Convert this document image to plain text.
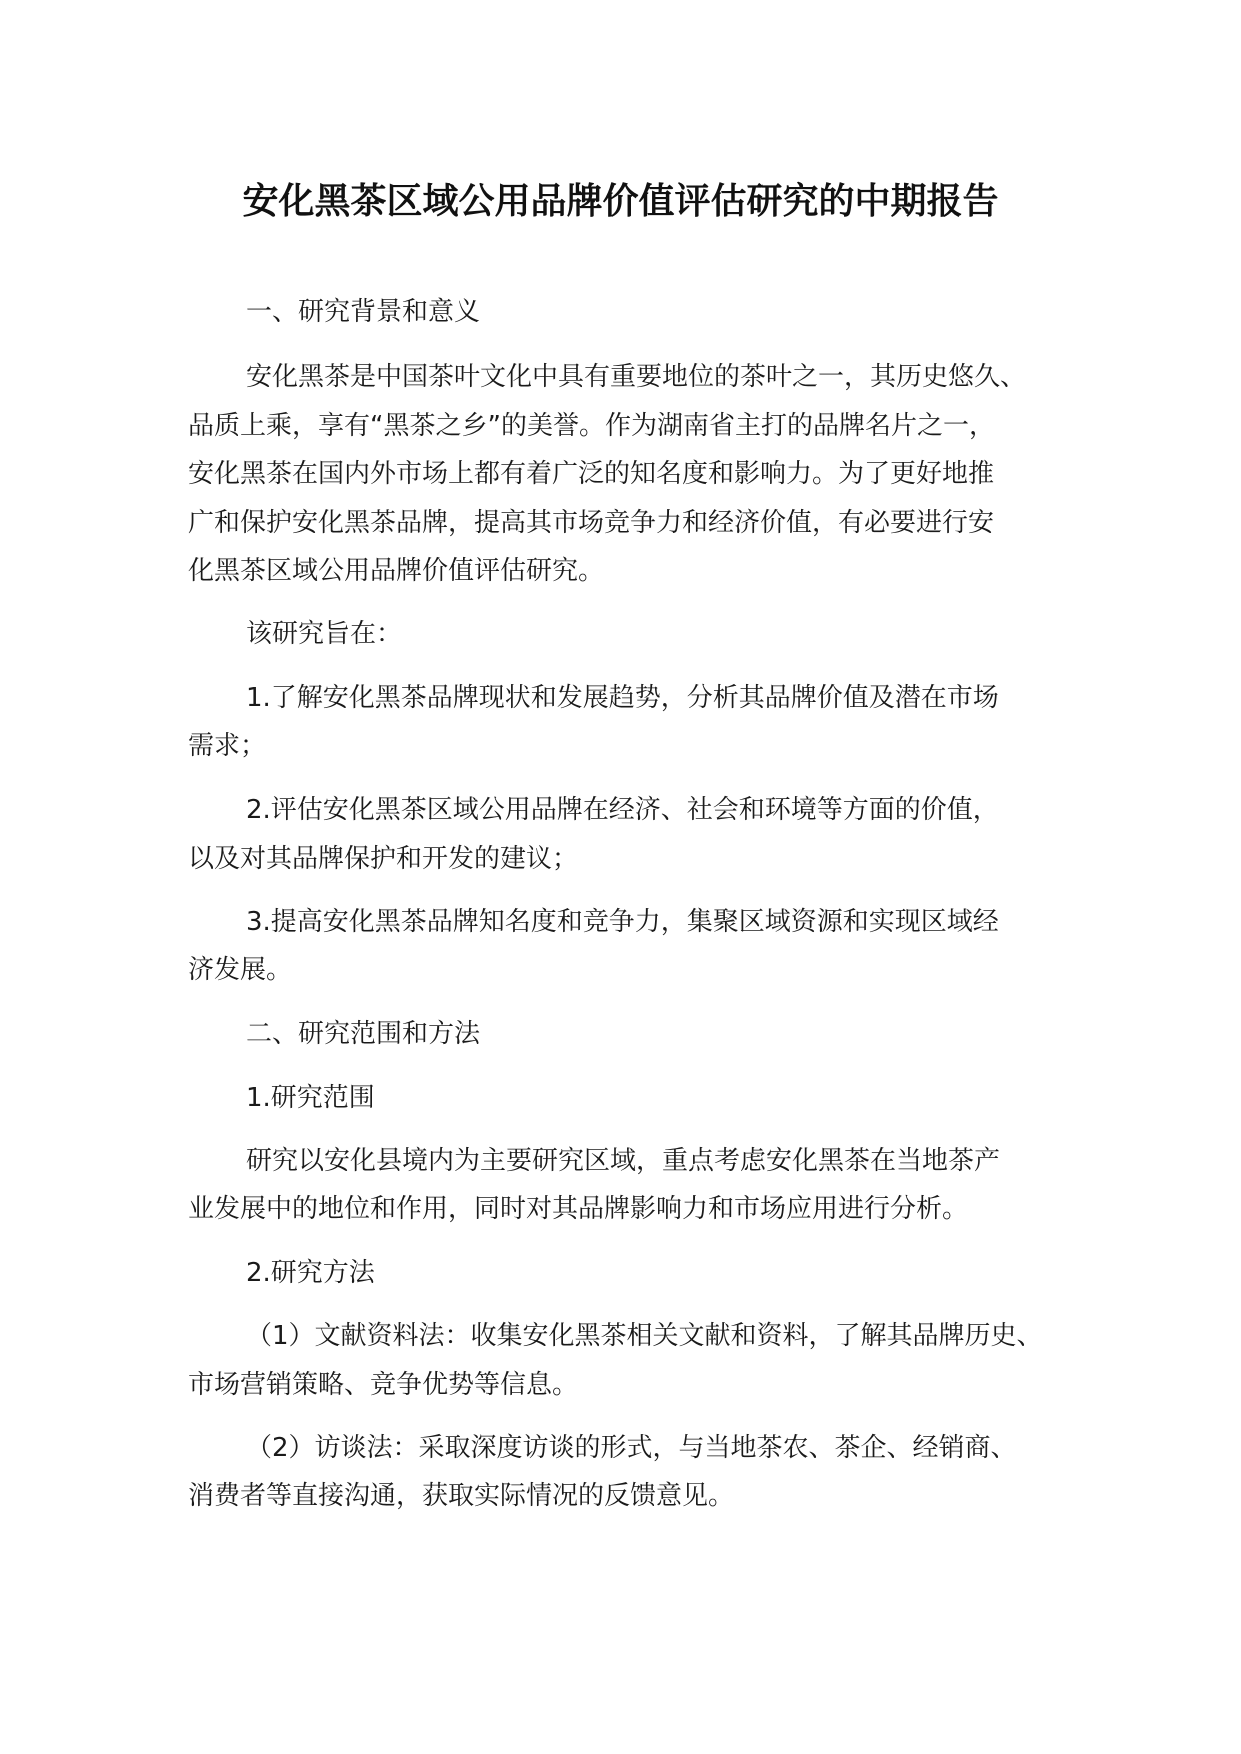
安化黑茶区域公用品牌价值评估研究的中期报告
一、研究背景和意义
安化黑茶是中国茶叶文化中具有重要地位的茶叶之一，其历史悠久、
品质上乘，享有“黑茶之乡”的美誉。作为湖南省主打的品牌名片之一，
安化黑茶在国内外市场上都有着广泛的知名度和影响力。为了更好地推
广和保护安化黑茶品牌，提高其市场竞争力和经济价值，有必要进行安
化黑茶区域公用品牌价值评估研究。
该研究旨在：
1.了解安化黑茶品牌现状和发展趋势，分析其品牌价值及潜在市场
需求；
2.评估安化黑茶区域公用品牌在经济、社会和环境等方面的价值，
以及对其品牌保护和开发的建议；
3.提高安化黑茶品牌知名度和竞争力，集聚区域资源和实现区域经
济发展。
二、研究范围和方法
1.研究范围
研究以安化县境内为主要研究区域，重点考虑安化黑茶在当地茶产
业发展中的地位和作用，同时对其品牌影响力和市场应用进行分析。
2.研究方法
（1）文献资料法：收集安化黑茶相关文献和资料，了解其品牌历史、
市场营销策略、竞争优势等信息。
（2）访谈法：采取深度访谈的形式，与当地茶农、茶企、经销商、
消费者等直接沟通，获取实际情况的反馈意见。
